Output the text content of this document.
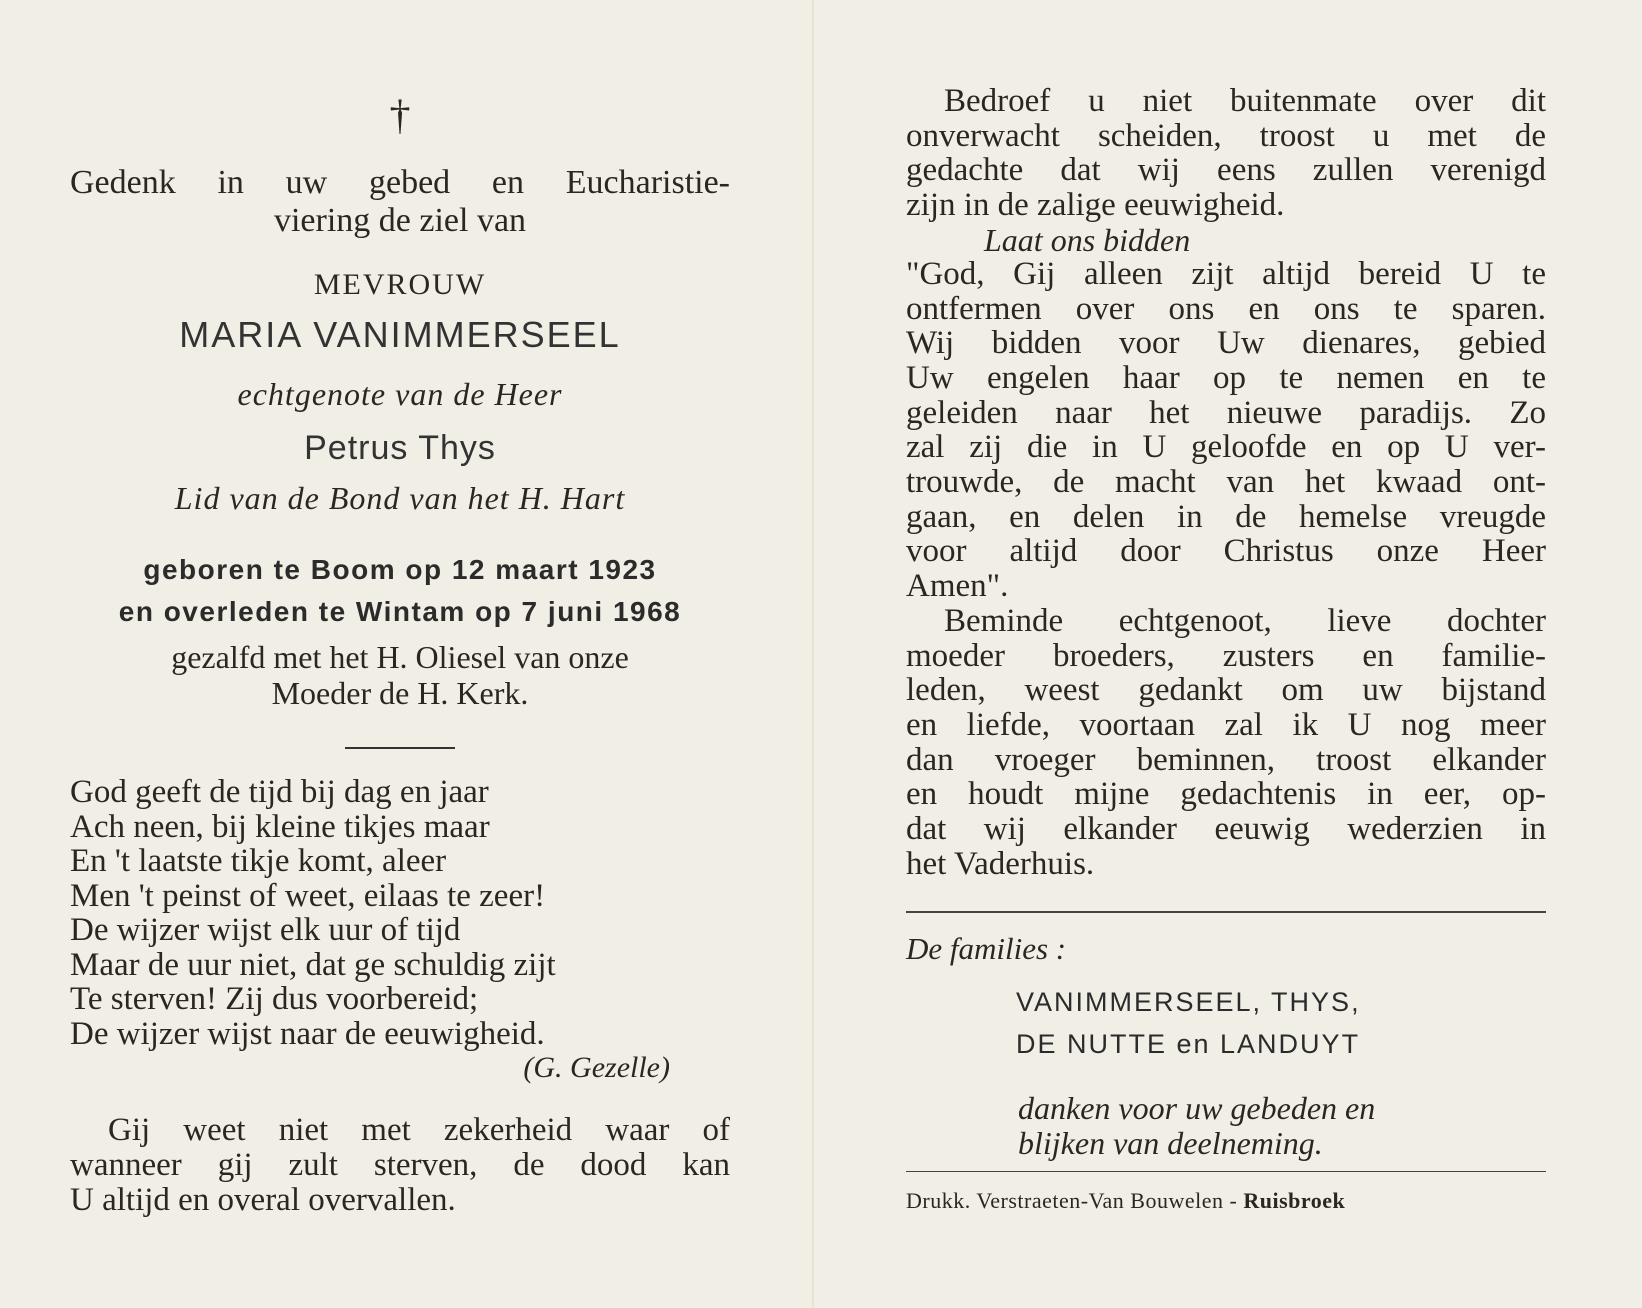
†
Gedenk in uw gebed en Eucharistie-
viering de ziel van
MEVROUW
MARIA VANIMMERSEEL
echtgenote van de Heer
Petrus Thys
Lid van de Bond van het H. Hart
geboren te Boom op 12 maart 1923
en overleden te Wintam op 7 juni 1968
gezalfd met het H. Oliesel van onze
Moeder de H. Kerk.
God geeft de tijd bij dag en jaar
Ach neen, bij kleine tikjes maar
En 't laatste tikje komt, aleer
Men 't peinst of weet, eilaas te zeer!
De wijzer wijst elk uur of tijd
Maar de uur niet, dat ge schuldig zijt
Te sterven! Zij dus voorbereid;
De wijzer wijst naar de eeuwigheid.
(G. Gezelle)
Gij weet niet met zekerheid waar of
wanneer gij zult sterven, de dood kan
U altijd en overal overvallen.
Bedroef u niet buitenmate over dit
onverwacht scheiden, troost u met de
gedachte dat wij eens zullen verenigd
zijn in de zalige eeuwigheid.
Laat ons bidden
"God, Gij alleen zijt altijd bereid U te
ontfermen over ons en ons te sparen.
Wij bidden voor Uw dienares, gebied
Uw engelen haar op te nemen en te
geleiden naar het nieuwe paradijs. Zo
zal zij die in U geloofde en op U ver-
trouwde, de macht van het kwaad ont-
gaan, en delen in de hemelse vreugde
voor altijd door Christus onze Heer
Amen".
Beminde echtgenoot, lieve dochter
moeder broeders, zusters en familie-
leden, weest gedankt om uw bijstand
en liefde, voortaan zal ik U nog meer
dan vroeger beminnen, troost elkander
en houdt mijne gedachtenis in eer, op-
dat wij elkander eeuwig wederzien in
het Vaderhuis.
De families :
VANIMMERSEEL, THYS,
DE NUTTE en LANDUYT
danken voor uw gebeden en
blijken van deelneming.
Drukk. Verstraeten-Van Bouwelen - Ruisbroek
